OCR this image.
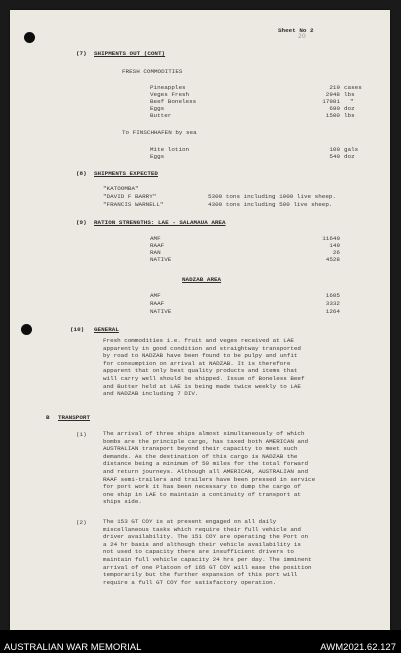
Sheet No 2
20
(7) SHIPMENTS OUT (CONT)
FRESH COMMODITIES
Pineapples	219 cases
Veges Fresh	2948 lbs
Beef Boneless	17981 "
Eggs	690 doz
Butter	1500 lbs
To FINSCHHAFEN by sea
Mite lotion	100 gals
Eggs	540 doz
(8) SHIPMENTS EXPECTED
"KATOOMBA"
"DAVID F BARRY"	5300 tons including 1000 live sheep.
"FRANCIS WARNELL"	4300 tons including 500 live sheep.
(9) RATION STRENGTHS: LAE - SALAMAUA AREA
AMF	11640
RAAF	149
RAN	26
NATIVE	4528
NADZAB AREA
AMF	1605
RAAF	3332
NATIVE	1264
(10) GENERAL
Fresh commodities i.e. fruit and veges received at LAE
apparently in good condition and straightway transported
by road to NADZAB have been found to be pulpy and unfit
for consumption on arrival at NADZAB. It is therefore
apparent that only best quality products and items that
will carry well should be shipped. Issue of Boneless Beef
and Butter held at LAE is being made twice weekly to LAE
and NADZAB including 7 DIV.
B TRANSPORT
(1)	The arrival of three ships almost simultaneously of which
bombs are the principle cargo, has taxed both AMERICAN and
AUSTRALIAN transport beyond their capacity to meet such
demands. As the destination of this cargo is NADZAB the
distance being a minimum of 50 miles for the total forward
and return journeys. Although all AMERICAN, AUSTRALIAN and
RAAF semi-trailers and trailers have been pressed in service
for port work it has been necessary to dump the cargo of
one ship in LAE to maintain a continuity of transport at
ships side.
(2)	The 153 GT COY is at present engaged on all daily
miscellaneous tasks which require their full vehicle and
driver availability. The 151 COY are operating the Port on
a 24 hr basis and although their vehicle availability is
not used to capacity there are insufficient drivers to
maintain full vehicle capacity 24 hrs per day. The imminent
arrival of one Platoon of 165 GT COY will ease the position
temporarily but the further expansion of this port will
require a full GT COY for satisfactory operation.
AUSTRALIAN WAR MEMORIAL	AWM2021.62.127
